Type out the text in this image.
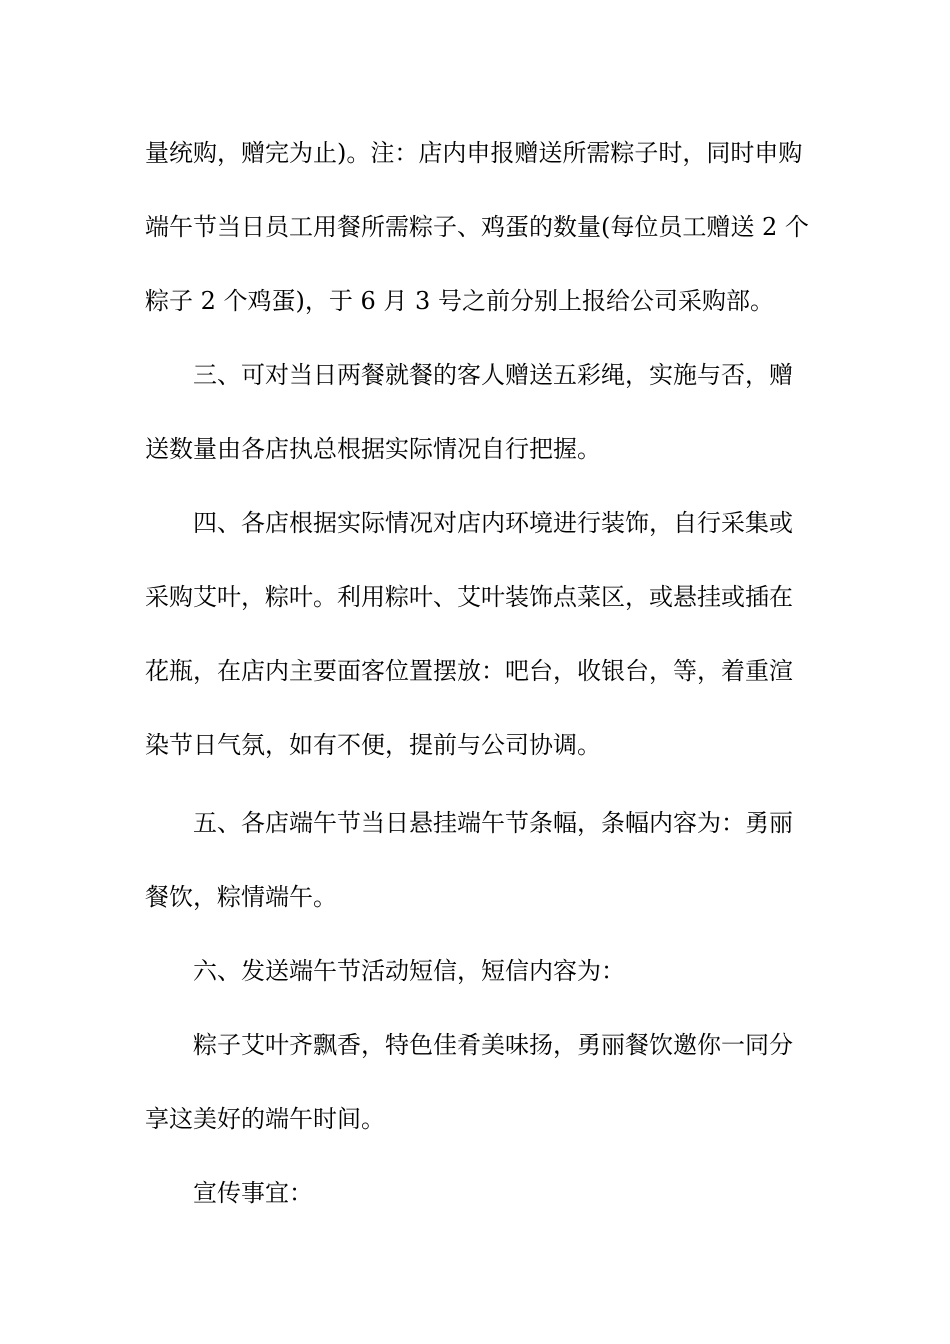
量统购，赠完为止)。注：店内申报赠送所需粽子时，同时申购
端午节当日员工用餐所需粽子、鸡蛋的数量(每位员工赠送 2 个
粽子 2 个鸡蛋)，于 6 月 3 号之前分别上报给公司采购部。
三、可对当日两餐就餐的客人赠送五彩绳，实施与否，赠
送数量由各店执总根据实际情况自行把握。
四、各店根据实际情况对店内环境进行装饰，自行采集或
采购艾叶，粽叶。利用粽叶、艾叶装饰点菜区，或悬挂或插在
花瓶，在店内主要面客位置摆放：吧台，收银台，等，着重渲
染节日气氛，如有不便，提前与公司协调。
五、各店端午节当日悬挂端午节条幅，条幅内容为：勇丽
餐饮，粽情端午。
六、发送端午节活动短信，短信内容为：
粽子艾叶齐飘香，特色佳肴美味扬，勇丽餐饮邀你一同分
享这美好的端午时间。
宣传事宜：
